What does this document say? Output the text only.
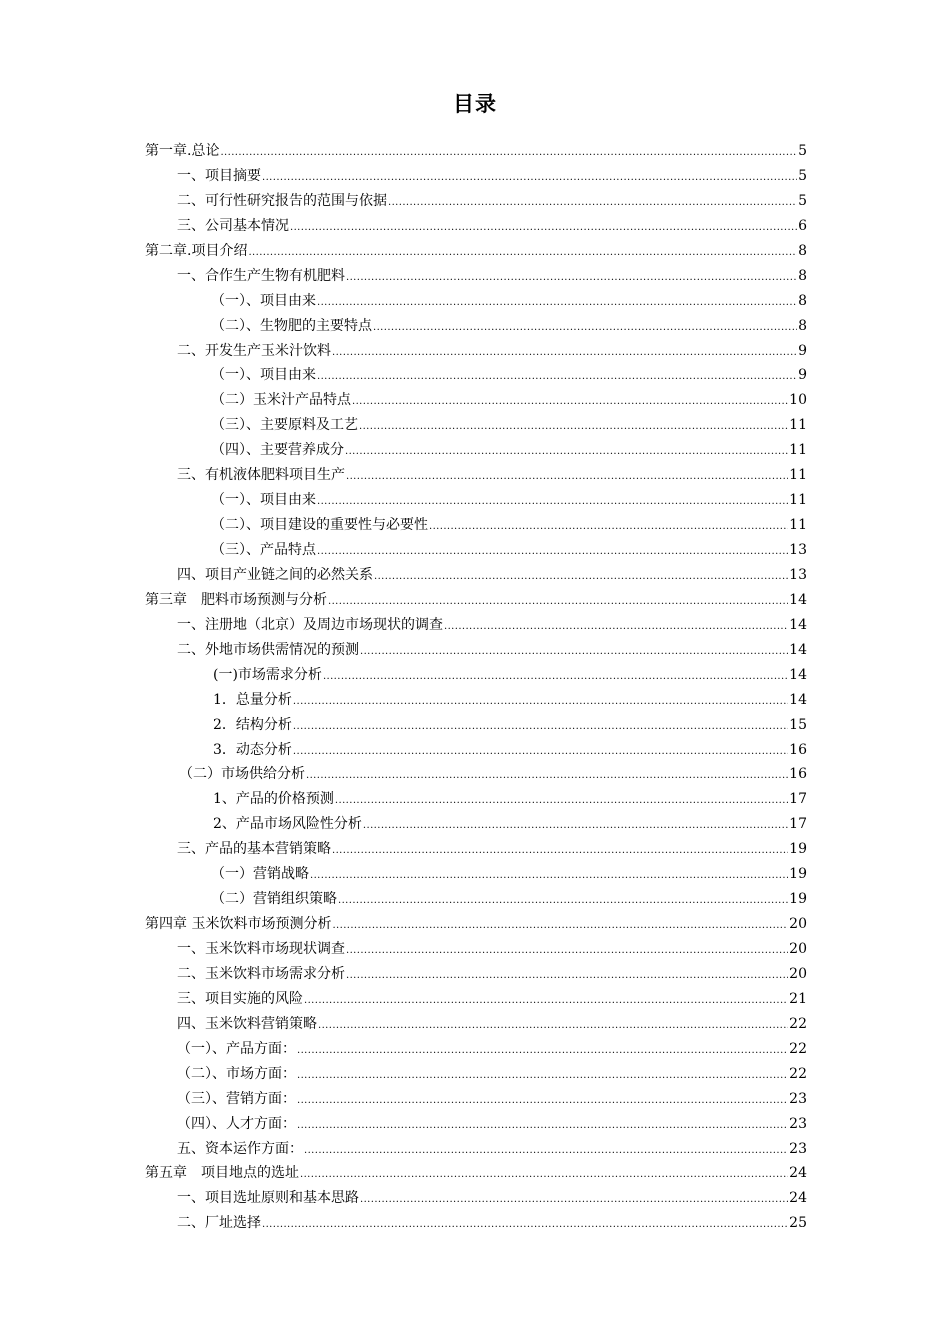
目录
第一章.总论 .....	5
一、项目摘要 .....	5
二、可行性研究报告的范围与依据 .....	5
三、公司基本情况 .....	6
第二章.项目介绍 .....	8
一、合作生产生物有机肥料 .....	8
（一）、项目由来 .....	8
（二）、生物肥的主要特点 .....	8
二、开发生产玉米汁饮料 .....	9
（一）、项目由来 .....	9
（二）玉米汁产品特点 .....	10
（三）、主要原料及工艺 .....	11
（四）、主要营养成分 .....	11
三、有机液体肥料项目生产 .....	11
（一）、项目由来 .....	11
（二）、项目建设的重要性与必要性 .....	11
（三）、产品特点 .....	13
四、项目产业链之间的必然关系 .....	13
第三章　肥料市场预测与分析 .....	14
一、注册地（北京）及周边市场现状的调查 .....	14
二、外地市场供需情况的预测 .....	14
(一)市场需求分析 .....	14
1．总量分析 .....	14
2．结构分析 .....	15
3．动态分析 .....	16
（二）市场供给分析 .....	16
1、产品的价格预测 .....	17
2、产品市场风险性分析 .....	17
三、产品的基本营销策略 .....	19
（一）营销战略 .....	19
（二）营销组织策略 .....	19
第四章 玉米饮料市场预测分析 .....	20
一、玉米饮料市场现状调查 .....	20
二、玉米饮料市场需求分析 .....	20
三、项目实施的风险 .....	21
四、玉米饮料营销策略 .....	22
（一）、产品方面： .....	22
（二）、市场方面： .....	22
（三）、营销方面： .....	23
（四）、人才方面： .....	23
五、资本运作方面： .....	23
第五章　项目地点的选址 .....	24
一、项目选址原则和基本思路 .....	24
二、厂址选择 .....	25
